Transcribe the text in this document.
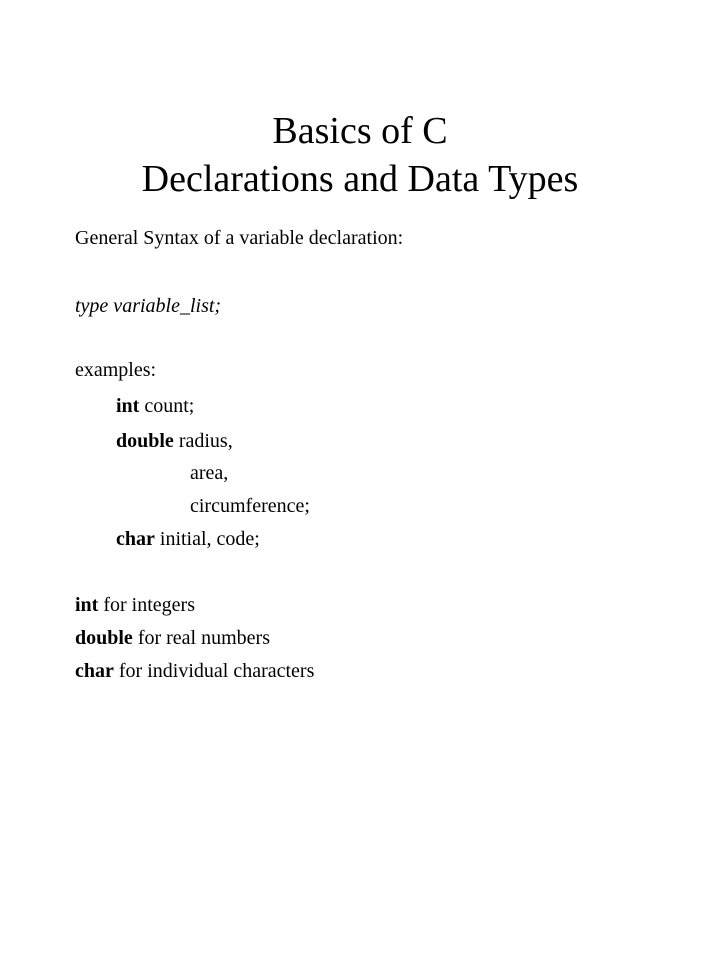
Basics of C
Declarations and Data Types
General Syntax of a variable declaration:
type variable_list;
examples:
int count;
double radius,
area,
circumference;
char initial, code;
int for integers
double for real numbers
char for individual characters
